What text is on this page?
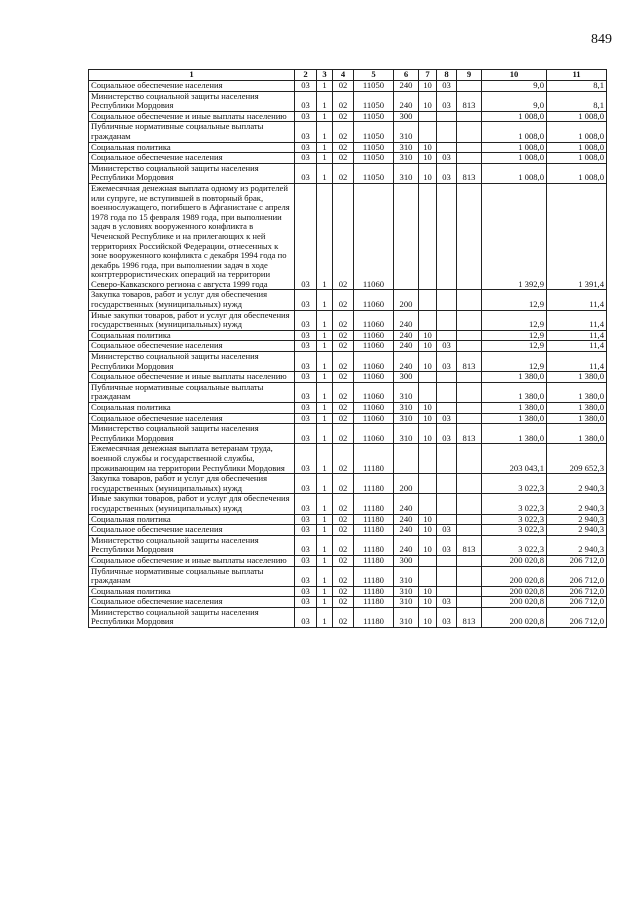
849
1	2	3	4	5	6	7	8	9	10	11
Социальное обеспечение населения	03	1	02	11050	240	10	03		9,0	8,1
Министерство социальной защиты населения Республики Мордовия	03	1	02	11050	240	10	03	813	9,0	8,1
Социальное обеспечение и иные выплаты населению	03	1	02	11050	300				1 008,0	1 008,0
Публичные нормативные социальные выплаты гражданам	03	1	02	11050	310				1 008,0	1 008,0
Социальная политика	03	1	02	11050	310	10			1 008,0	1 008,0
Социальное обеспечение населения	03	1	02	11050	310	10	03		1 008,0	1 008,0
Министерство социальной защиты населения Республики Мордовия	03	1	02	11050	310	10	03	813	1 008,0	1 008,0
Ежемесячная денежная выплата одному из родителей или супруге, не вступившей в повторный брак, военнослужащего, погибшего в Афганистане с апреля 1978 года по 15 февраля 1989 года, при выполнении задач в условиях вооруженного конфликта в Чеченской Республике и на прилегающих к ней территориях Российской Федерации, отнесенных к зоне вооруженного конфликта с декабря 1994 года по декабрь 1996 года, при выполнении задач в ходе контртеррористических операций на территории Северо-Кавказского региона с августа 1999 года	03	1	02	11060					1 392,9	1 391,4
Закупка товаров, работ и услуг для обеспечения государственных (муниципальных) нужд	03	1	02	11060	200				12,9	11,4
Иные закупки товаров, работ и услуг для обеспечения государственных (муниципальных) нужд	03	1	02	11060	240				12,9	11,4
Социальная политика	03	1	02	11060	240	10			12,9	11,4
Социальное обеспечение населения	03	1	02	11060	240	10	03		12,9	11,4
Министерство социальной защиты населения Республики Мордовия	03	1	02	11060	240	10	03	813	12,9	11,4
Социальное обеспечение и иные выплаты населению	03	1	02	11060	300				1 380,0	1 380,0
Публичные нормативные социальные выплаты гражданам	03	1	02	11060	310				1 380,0	1 380,0
Социальная политика	03	1	02	11060	310	10			1 380,0	1 380,0
Социальное обеспечение населения	03	1	02	11060	310	10	03		1 380,0	1 380,0
Министерство социальной защиты населения Республики Мордовия	03	1	02	11060	310	10	03	813	1 380,0	1 380,0
Ежемесячная денежная выплата ветеранам труда, военной службы и государственной службы, проживающим на территории Республики Мордовия	03	1	02	11180					203 043,1	209 652,3
Закупка товаров, работ и услуг для обеспечения государственных (муниципальных) нужд	03	1	02	11180	200				3 022,3	2 940,3
Иные закупки товаров, работ и услуг для обеспечения государственных (муниципальных) нужд	03	1	02	11180	240				3 022,3	2 940,3
Социальная политика	03	1	02	11180	240	10			3 022,3	2 940,3
Социальное обеспечение населения	03	1	02	11180	240	10	03		3 022,3	2 940,3
Министерство социальной защиты населения Республики Мордовия	03	1	02	11180	240	10	03	813	3 022,3	2 940,3
Социальное обеспечение и иные выплаты населению	03	1	02	11180	300				200 020,8	206 712,0
Публичные нормативные социальные выплаты гражданам	03	1	02	11180	310				200 020,8	206 712,0
Социальная политика	03	1	02	11180	310	10			200 020,8	206 712,0
Социальное обеспечение населения	03	1	02	11180	310	10	03		200 020,8	206 712,0
Министерство социальной защиты населения Республики Мордовия	03	1	02	11180	310	10	03	813	200 020,8	206 712,0
